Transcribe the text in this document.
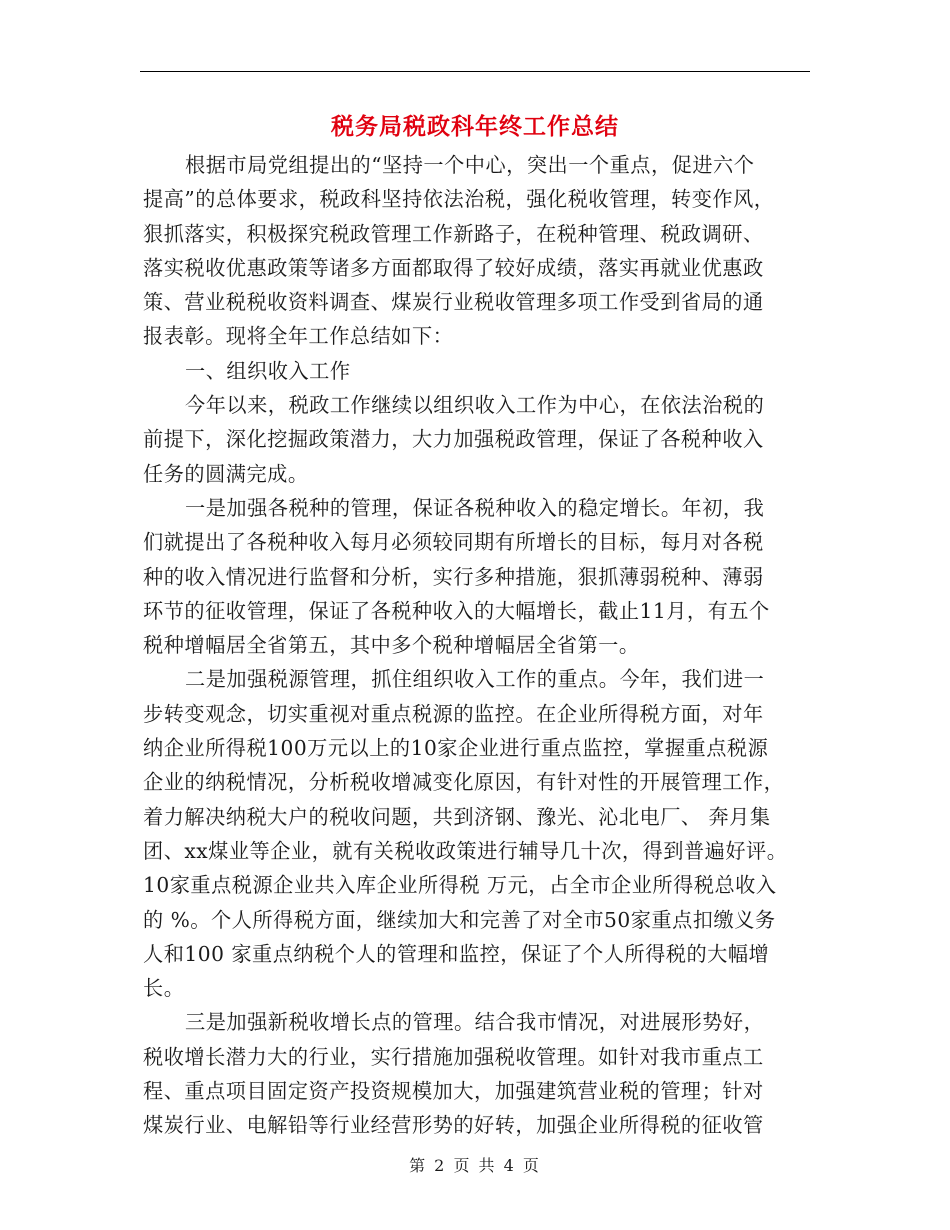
税务局税政科年终工作总结
根据市局党组提出的“坚持一个中心，突出一个重点，促进六个
提高”的总体要求，税政科坚持依法治税，强化税收管理，转变作风，
狠抓落实，积极探究税政管理工作新路子，在税种管理、税政调研、
落实税收优惠政策等诸多方面都取得了较好成绩，落实再就业优惠政
策、营业税税收资料调查、煤炭行业税收管理多项工作受到省局的通
报表彰。现将全年工作总结如下：
一、组织收入工作
今年以来，税政工作继续以组织收入工作为中心，在依法治税的
前提下，深化挖掘政策潜力，大力加强税政管理，保证了各税种收入
任务的圆满完成。
一是加强各税种的管理，保证各税种收入的稳定增长。年初，我
们就提出了各税种收入每月必须较同期有所增长的目标，每月对各税
种的收入情况进行监督和分析，实行多种措施，狠抓薄弱税种、薄弱
环节的征收管理，保证了各税种收入的大幅增长，截止11月，有五个
税种增幅居全省第五，其中多个税种增幅居全省第一。
二是加强税源管理，抓住组织收入工作的重点。今年，我们进一
步转变观念，切实重视对重点税源的监控。在企业所得税方面，对年
纳企业所得税100万元以上的10家企业进行重点监控，掌握重点税源
企业的纳税情况，分析税收增减变化原因，有针对性的开展管理工作，
着力解决纳税大户的税收问题，共到济钢、豫光、沁北电厂、 奔月集
团、xx煤业等企业，就有关税收政策进行辅导几十次，得到普遍好评。
10家重点税源企业共入库企业所得税 万元，占全市企业所得税总收入
的 %。个人所得税方面，继续加大和完善了对全市50家重点扣缴义务
人和100 家重点纳税个人的管理和监控，保证了个人所得税的大幅增
长。
三是加强新税收增长点的管理。结合我市情况，对进展形势好，
税收增长潜力大的行业，实行措施加强税收管理。如针对我市重点工
程、重点项目固定资产投资规模加大，加强建筑营业税的管理；针对
煤炭行业、电解铅等行业经营形势的好转，加强企业所得税的征收管
第 2 页 共 4 页
